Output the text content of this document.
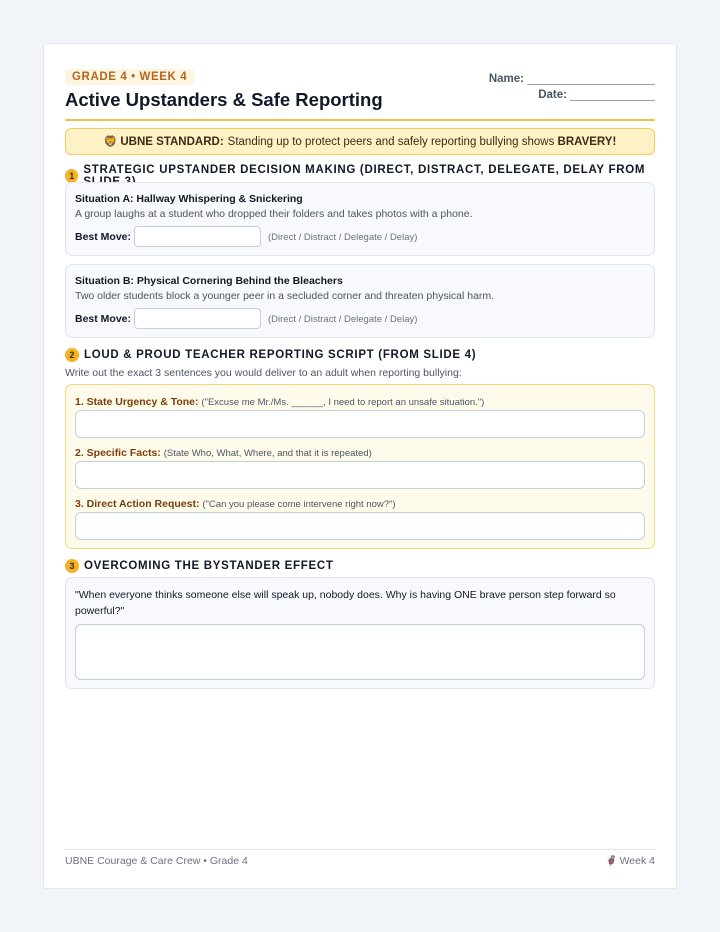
GRADE 4 • WEEK 4
Active Upstanders & Safe Reporting
Name:
Date:
🦁 UBNE STANDARD: Standing up to protect peers and safely reporting bullying shows
BRAVERY !
1 STRATEGIC UPSTANDER DECISION MAKING (DIRECT, DISTRACT, DELEGATE, DELAY FROM
Situation A: Hallway Whispering & Snickering
A group laughs at a student who dropped their folders and takes photos with a phone.
Best Move:	(Direct / Distract / Delegate / Delay)
Situation B: Physical Cornering Behind the Bleachers
Two older students block a younger peer in a secluded corner and threaten physical harm.
Best Move:	(Direct / Distract / Delegate / Delay)
2 LOUD & PROUD TEACHER REPORTING SCRIPT (FROM SLIDE 4)
Write out the exact 3 sentences you would deliver to an adult when reporting bullying:
1. State Urgency & Tone: ("Excuse me Mr./Ms. ______, I need to report an unsafe situation.")
2. Specific Facts: (State Who, What, Where, and that it is repeated)
3. Direct Action Request: ("Can you please come intervene right now?")
3 OVERCOMING THE BYSTANDER EFFECT
"When everyone thinks someone else will speak up, nobody does. Why is having ONE brave person step forward so powerful?"
UBNE Courage & Care Crew • Grade 4	🦸 Week 4
